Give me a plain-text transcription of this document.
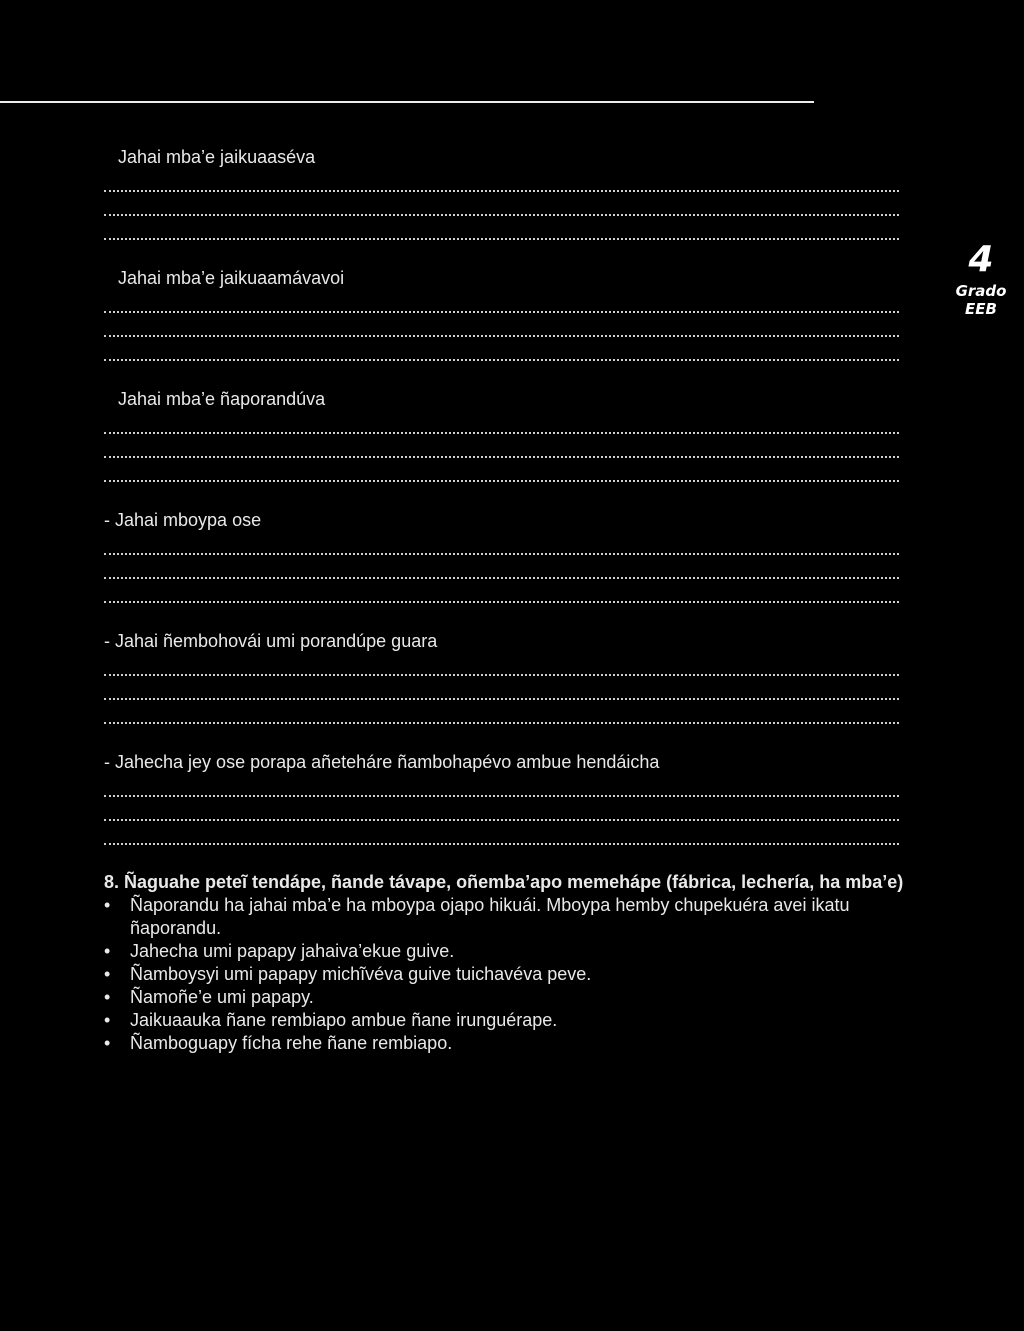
4
Grado
EEB
Jahai mba’e jaikuaaséva
Jahai mba’e jaikuaamávavoi
Jahai mba’e ñaporandúva
- Jahai mboypa ose
- Jahai ñembohovái umi porandúpe guara
- Jahecha jey ose porapa añeteháre ñambohapévo ambue hendáicha
8. Ñaguahe peteĩ tendápe, ñande távape, oñemba’apo memehápe (fábrica, lechería, ha mba’e)
• Ñaporandu ha jahai mba’e ha mboypa ojapo hikuái. Mboypa hemby chupekuéra avei ikatu ñaporandu.
• Jahecha umi papapy jahaiva’ekue guive.
• Ñamboysyi umi papapy michĩvéva guive tuichavéva peve.
• Ñamoñe’e umi papapy.
• Jaikuaauka ñane rembiapo ambue ñane irunguérape.
• Ñamboguapy fícha rehe ñane rembiapo.
